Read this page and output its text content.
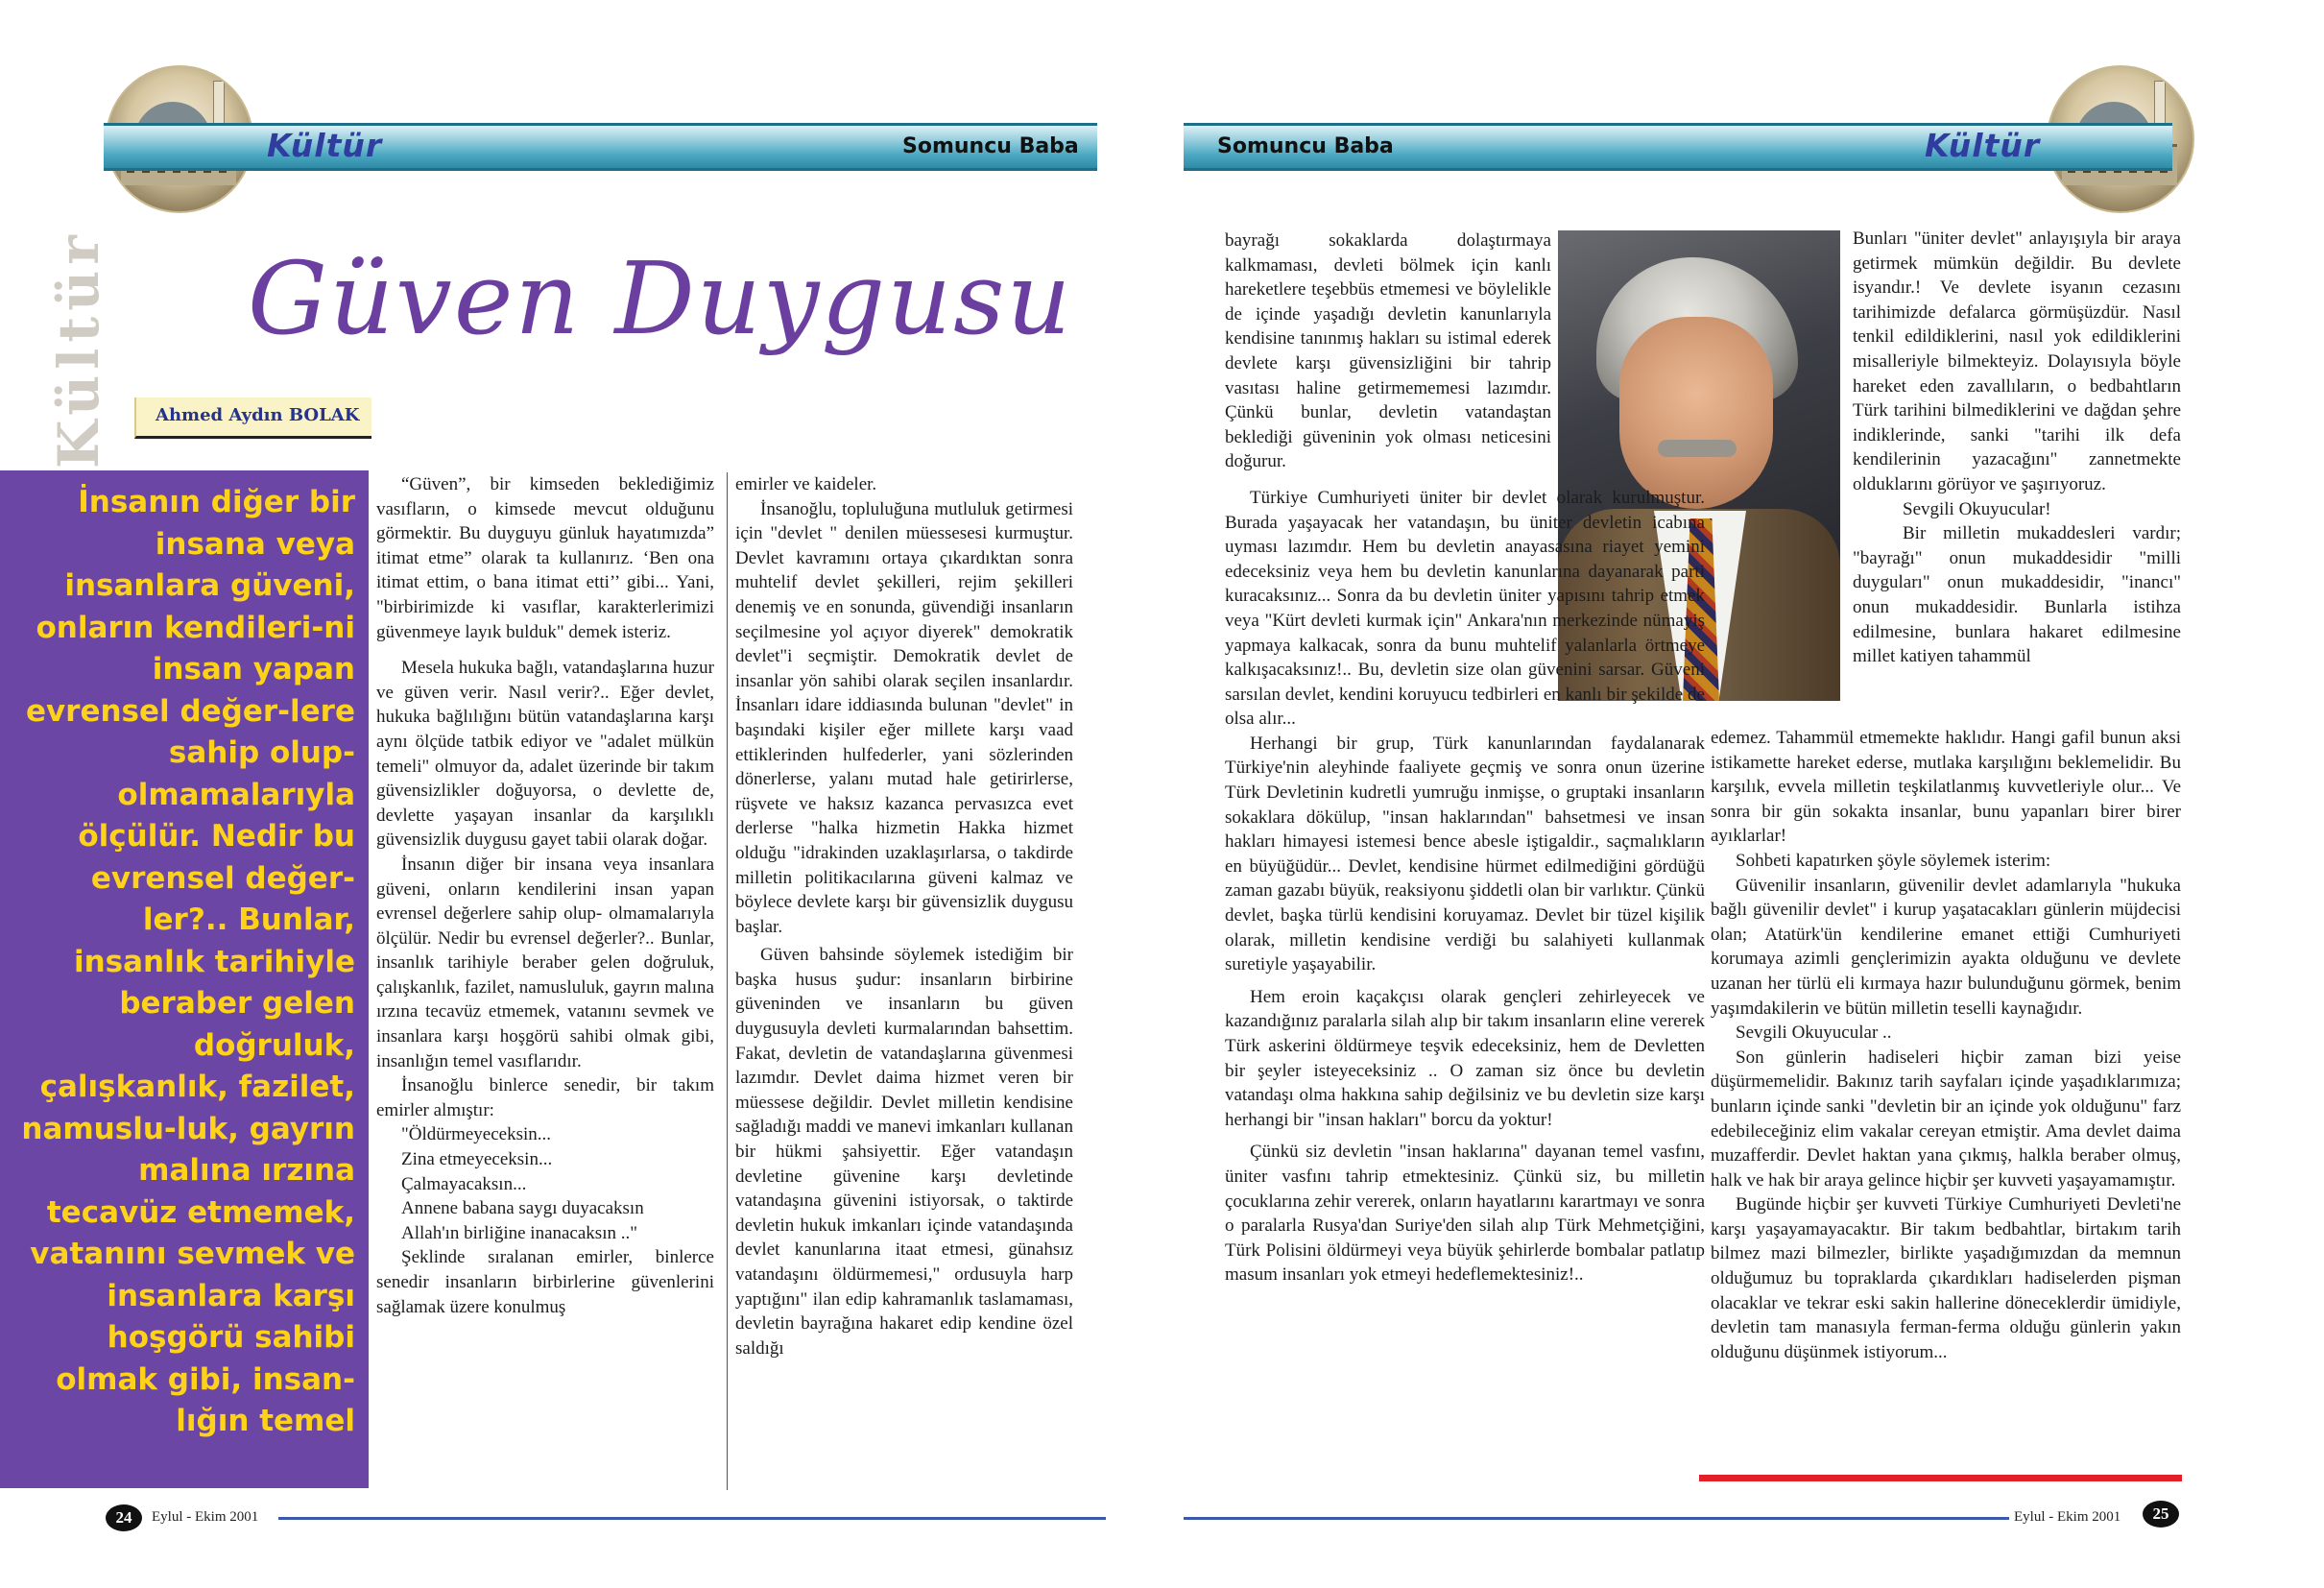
Kültür	Somuncu Baba	Somuncu Baba	Kültür
Kültür Güven Duygusu
Ahmed Aydın BOLAK
İnsanın diğer bir insana veya insanlara güveni, onların kendileri-ni insan yapan evrensel değer-lere sahip olup-olmamalarıyla ölçülür. Nedir bu evrensel değer-ler?.. Bunlar, insanlık tarihiyle beraber gelen doğruluk, çalışkanlık, fazilet, namuslu-luk, gayrın malına ırzına tecavüz etmemek, vatanını sevmek ve insanlara karşı hoşgörü sahibi olmak gibi, insan-lığın temel

“Güven”, bir kimseden beklediğimiz vasıfların, o kimsede mevcut olduğunu görmektir. Bu duyguyu günluk hayatımızda” itimat etme” olarak ta kullanırız. ‘Ben ona itimat ettim, o bana itimat etti’’ gibi... Yani, "birbirimizde ki vasıflar, karakterlerimizi güvenmeye layık bulduk" demek isteriz.

Mesela hukuka bağlı, vatandaşlarına huzur ve güven verir. Nasıl verir?.. Eğer devlet, hukuka bağlılığını bütün vatandaşlarına karşı aynı ölçüde tatbik ediyor ve "adalet mülkün temeli" olmuyor da, adalet üzerinde bir takım güvensizlikler doğuyorsa, o devlette de, devlette yaşayan insanlar da karşılıklı güvensizlik duygusu gayet tabii olarak doğar.

İnsanın diğer bir insana veya insanlara güveni, onların kendilerini insan yapan evrensel değerlere sahip olup- olmamalarıyla ölçülür. Nedir bu evrensel değerler?.. Bunlar, insanlık tarihiyle beraber gelen doğruluk, çalışkanlık, fazilet, namusluluk, gayrın malına ırzına tecavüz etmemek, vatanını sevmek ve insanlara karşı hoşgörü sahibi olmak gibi, insanlığın temel vasıflarıdır.

İnsanoğlu binlerce senedir, bir takım emirler almıştır:

"Öldürmeyeceksin...

Zina etmeyeceksin...

Çalmayacaksın...

Annene babana saygı duyacaksın

Allah'ın birliğine inanacaksın .."

Şeklinde sıralanan emirler, binlerce senedir insanların birbirlerine güvenlerini sağlamak üzere konulmuş

emirler ve kaideler.

İnsanoğlu, topluluğuna mutluluk getirmesi için "devlet " denilen müessesesi kurmuştur. Devlet kavramını ortaya çıkardıktan sonra muhtelif devlet şekilleri, rejim şekilleri denemiş ve en sonunda, güvendiği insanların seçilmesine yol açıyor diyerek" demokratik devlet"i seçmiştir. Demokratik devlet de insanlar yön sahibi olarak seçilen insanlardır. İnsanları idare iddiasında bulunan "devlet" in başındaki kişiler eğer millete karşı vaad ettiklerinden hulfederler, yani sözlerinden dönerlerse, yalanı mutad hale getirirlerse, rüşvete ve haksız kazanca pervasızca evet derlerse "halka hizmetin Hakka hizmet olduğu "idrakinden uzaklaşırlarsa, o takdirde milletin politikacılarına güveni kalmaz ve böylece devlete karşı bir güvensizlik duygusu başlar.

Güven bahsinde söylemek istediğim bir başka husus şudur: insanların birbirine güveninden ve insanların bu güven duygusuyla devleti kurmalarından bahsettim. Fakat, devletin de vatandaşlarına güvenmesi lazımdır. Devlet daima hizmet veren bir müessese değildir. Devlet milletin kendisine sağladığı maddi ve manevi imkanları kullanan bir hükmi şahsiyettir. Eğer vatandaşın devletine güvenine karşı devletinde vatandaşına güvenini istiyorsak, o taktirde devletin hukuk imkanları içinde vatandaşında devlet kanunlarına itaat etmesi, günahsız vatandaşını öldürmemesi," ordusuyla harp yaptığını" ilan edip kahramanlık taslamaması, devletin bayrağına hakaret edip kendine özel saldığı

bayrağı sokaklarda dolaştırmaya kalkmaması, devleti bölmek için kanlı hareketlere teşebbüs etmemesi ve böylelikle de içinde yaşadığı devletin kanunlarıyla kendisine tanınmış hakları su istimal ederek devlete karşı güvensizliğini bir tahrip vasıtası haline getirmememesi lazımdır. Çünkü bunlar, devletin vatandaştan beklediği güveninin yok olması neticesini doğurur.

Türkiye Cumhuriyeti üniter bir devlet olarak kurulmuştur. Burada yaşayacak her vatandaşın, bu üniter devletin icabına uyması lazımdır. Hem bu devletin anayasasına riayet yemini edeceksiniz veya hem bu devletin kanunlarına dayanarak parti kuracaksınız... Sonra da bu devletin üniter yapısını tahrip etmek veya "Kürt devleti kurmak için" Ankara'nın merkezinde nümayiş yapmaya kalkacak, sonra da bunu muhtelif yalanlarla örtmeye kalkışacaksınız!.. Bu, devletin size olan güvenini sarsar. Güveni sarsılan devlet, kendini koruyucu tedbirleri en kanlı bir şekilde de olsa alır...

Herhangi bir grup, Türk kanunlarından faydalanarak Türkiye'nin aleyhinde faaliyete geçmiş ve sonra onun üzerine Türk Devletinin kudretli yumruğu inmişse, o gruptaki insanların sokaklara dökülup, "insan haklarından" bahsetmesi ve insan hakları himayesi istemesi bence abesle iştigaldir., saçmalıkların en büyüğüdür... Devlet, kendisine hürmet edilmediğini gördüğü zaman gazabı büyük, reaksiyonu şiddetli olan bir varlıktır. Çünkü devlet, başka türlü kendisini koruyamaz. Devlet bir tüzel kişilik olarak, milletin kendisine verdiği bu salahiyeti kullanmak suretiyle yaşayabilir.

Hem eroin kaçakçısı olarak gençleri zehirleyecek ve kazandığınız paralarla silah alıp bir takım insanların eline vererek Türk askerini öldürmeye teşvik edeceksiniz, hem de Devletten bir şeyler isteyeceksiniz .. O zaman siz önce bu devletin vatandaşı olma hakkına sahip değilsiniz ve bu devletin size karşı herhangi bir "insan hakları" borcu da yoktur!

Çünkü siz devletin "insan haklarına" dayanan temel vasfını, üniter vasfını tahrip etmektesiniz. Çünkü siz, bu milletin çocuklarına zehir vererek, onların hayatlarını karartmayı ve sonra o paralarla Rusya'dan Suriye'den silah alıp Türk Mehmetçiğini, Türk Polisini öldürmeyi veya büyük şehirlerde bombalar patlatıp masum insanları yok etmeyi hedeflemektesiniz!..

Bunları "üniter devlet" anlayışıyla bir araya getirmek mümkün değildir. Bu devlete isyandır.! Ve devlete isyanın cezasını tarihimizde defalarca görmüşüzdür. Nasıl tenkil edildiklerini, nasıl yok edildiklerini misalleriyle bilmekteyiz. Dolayısıyla böyle hareket eden zavallıların, o bedbahtların Türk tarihini bilmediklerini ve dağdan şehre indiklerinde, sanki "tarihi ilk defa kendilerinin yazacağını" zannetmekte olduklarını görüyor ve şaşırıyoruz.

Sevgili Okuyucular!

Bir milletin mukaddesleri vardır; "bayrağı" onun mukaddesidir "milli duyguları" onun mukaddesidir, "inancı" onun mukaddesidir. Bunlarla istihza edilmesine, bunlara hakaret edilmesine millet katiyen tahammül

edemez. Tahammül etmemekte haklıdır. Hangi gafil bunun aksi istikamette hareket ederse, mutlaka karşılığını beklemelidir. Bu karşılık, evvela milletin teşkilatlanmış kuvvetleriyle olur... Ve sonra bir gün sokakta insanlar, bunu yapanları birer birer ayıklarlar!

Sohbeti kapatırken şöyle söylemek isterim:

Güvenilir insanların, güvenilir devlet adamlarıyla "hukuka bağlı güvenilir devlet" i kurup yaşatacakları günlerin müjdecisi olan; Atatürk'ün kendilerine emanet ettiği Cumhuriyeti korumaya azimli gençlerimizin ayakta olduğunu ve devlete uzanan her türlü eli kırmaya hazır bulunduğunu görmek, benim yaşımdakilerin ve bütün milletin teselli kaynağıdır.

Sevgili Okuyucular ..

Son günlerin hadiseleri hiçbir zaman bizi yeise düşürmemelidir. Bakınız tarih sayfaları içinde yaşadıklarımıza; bunların içinde sanki "devletin bir an içinde yok olduğunu" farz edebileceğiniz elim vakalar cereyan etmiştir. Ama devlet daima muzafferdir. Devlet haktan yana çıkmış, halkla beraber olmuş, halk ve hak bir araya gelince hiçbir şer kuvveti yaşayamamıştır.

Bugünde hiçbir şer kuvveti Türkiye Cumhuriyeti Devleti'ne karşı yaşayamayacaktır. Bir takım bedbahtlar, birtakım tarih bilmez mazi bilmezler, birlikte yaşadığımızdan da memnun olduğumuz bu topraklarda çıkardıkları hadiselerden pişman olacaklar ve tekrar eski sakin hallerine döneceklerdir ümidiyle, devletin tam manasıyla ferman-ferma olduğu günlerin yakın olduğunu düşünmek istiyorum...

24	Eylul - Ekim 2001	Eylul - Ekim 2001	25
